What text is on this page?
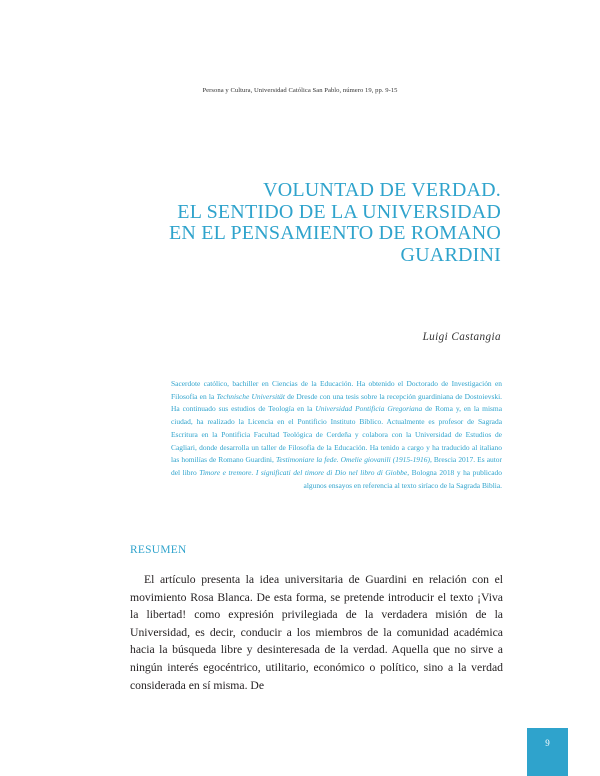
Persona y Cultura, Universidad Católica San Pablo, número 19, pp. 9-15
VOLUNTAD DE VERDAD.
EL SENTIDO DE LA UNIVERSIDAD
EN EL PENSAMIENTO DE ROMANO
GUARDINI
Luigi Castangia
Sacerdote católico, bachiller en Ciencias de la Educación. Ha obtenido el Doctorado de Investigación en Filosofía en la Technische Universität de Dresde con una tesis sobre la recepción guardiniana de Dostoievski. Ha continuado sus estudios de Teología en la Universidad Pontificia Gregoriana de Roma y, en la misma ciudad, ha realizado la Licencia en el Pontificio Instituto Bíblico. Actualmente es profesor de Sagrada Escritura en la Pontificia Facultad Teológica de Cerdeña y colabora con la Universidad de Estudios de Cagliari, donde desarrolla un taller de Filosofía de la Educación. Ha tenido a cargo y ha traducido al italiano las homilías de Romano Guardini, Testimoniare la fede. Omelie giovanili (1915-1916), Brescia 2017. Es autor del libro Timore e tremore. I significati del timore di Dio nel libro di Giobbe, Bologna 2018 y ha publicado algunos ensayos en referencia al texto siríaco de la Sagrada Biblia.
RESUMEN
El artículo presenta la idea universitaria de Guardini en relación con el movimiento Rosa Blanca. De esta forma, se pretende introducir el texto ¡Viva la libertad! como expresión privilegiada de la verdadera misión de la Universidad, es decir, conducir a los miembros de la comunidad académica hacia la búsqueda libre y desinteresada de la verdad. Aquella que no sirve a ningún interés egocéntrico, utilitario, económico o político, sino a la verdad considerada en sí misma. De
9
